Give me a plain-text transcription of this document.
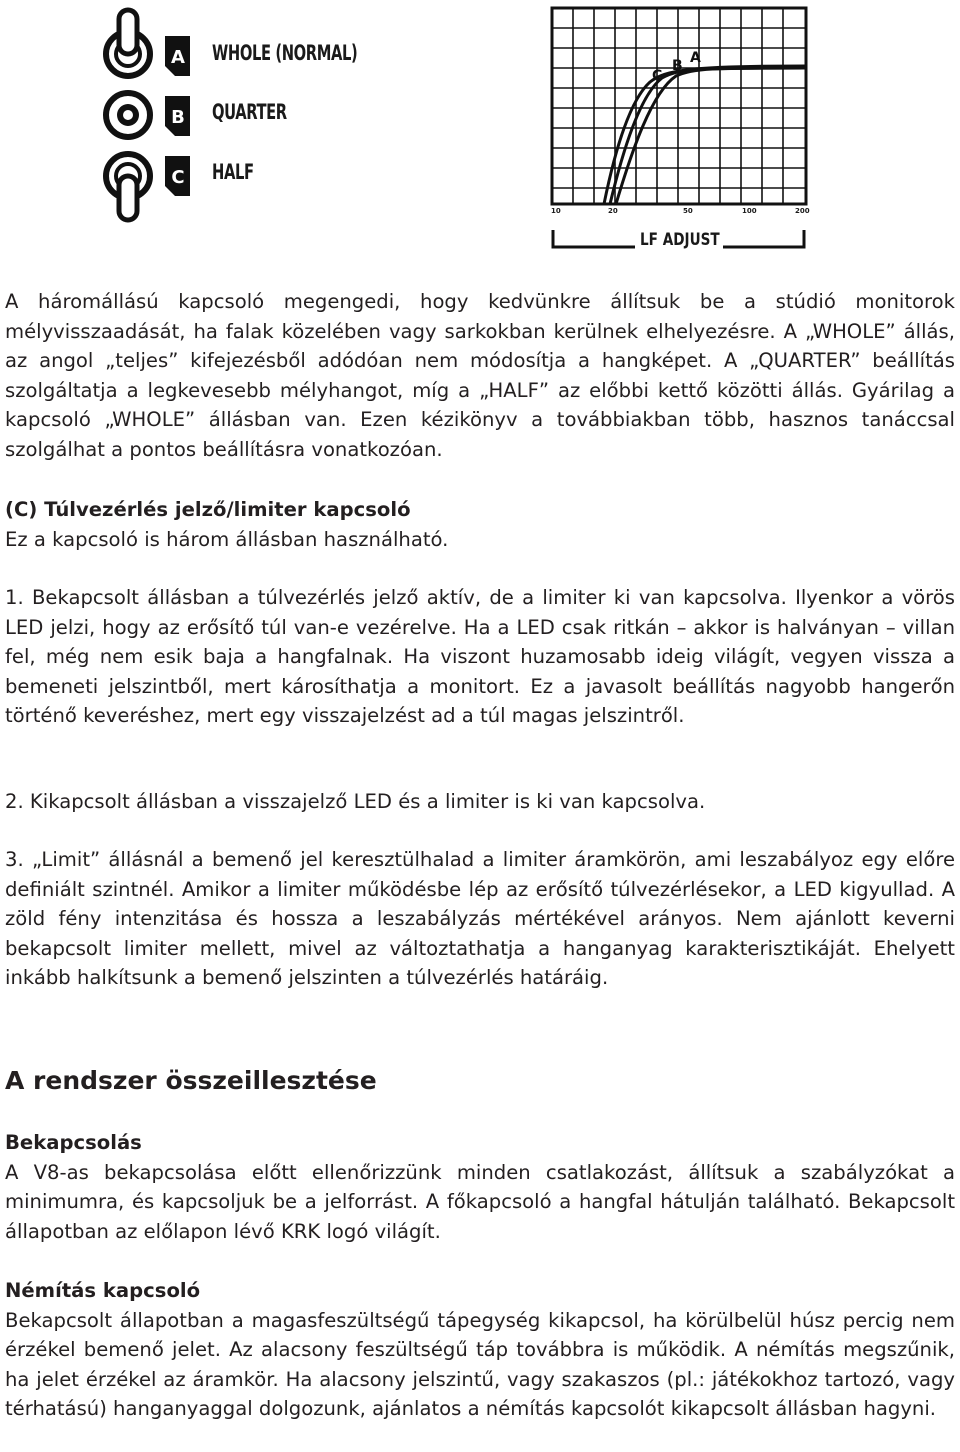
A
B
C
C
B A
WHOLE (NORMAL)
QUARTER
HALF
10	20	50	100	200
LF ADJUST

A háromállású kapcsoló megengedi, hogy kedvünkre állítsuk be a stúdió monitorok mélyvisszaadását, ha falak közelében vagy sarkokban kerülnek elhelyezésre. A „WHOLE” állás, az angol „teljes” kifejezésből adódóan nem módosítja a hangképet. A „QUARTER” beállítás szolgáltatja a legkevesebb mélyhangot, míg a „HALF” az előbbi kettő közötti állás. Gyárilag a kapcsoló „WHOLE” állásban van. Ezen kézikönyv a továbbiakban több, hasznos tanáccsal szolgálhat a pontos beállításra vonatkozóan.

(C) Túlvezérlés jelző/limiter kapcsoló

Ez a kapcsoló is három állásban használható.

1. Bekapcsolt állásban a túlvezérlés jelző aktív, de a limiter ki van kapcsolva. Ilyenkor a vörös LED jelzi, hogy az erősítő túl van-e vezérelve. Ha a LED csak ritkán – akkor is halványan – villan fel, még nem esik baja a hangfalnak. Ha viszont huzamosabb ideig világít, vegyen vissza a bemeneti jelszintből, mert károsíthatja a monitort. Ez a javasolt beállítás nagyobb hangerőn történő keveréshez, mert egy visszajelzést ad a túl magas jelszintről.

2. Kikapcsolt állásban a visszajelző LED és a limiter is ki van kapcsolva.

3. „Limit” állásnál a bemenő jel keresztülhalad a limiter áramkörön, ami leszabályoz egy előre definiált szintnél. Amikor a limiter működésbe lép az erősítő túlvezérlésekor, a LED kigyullad. A zöld fény intenzitása és hossza a leszabályzás mértékével arányos. Nem ajánlott keverni bekapcsolt limiter mellett, mivel az változtathatja a hanganyag karakterisztikáját. Ehelyett inkább halkítsunk a bemenő jelszinten a túlvezérlés határáig.

A rendszer összeillesztése

Bekapcsolás

A V8-as bekapcsolása előtt ellenőrizzünk minden csatlakozást, állítsuk a szabályzókat a minimumra, és kapcsoljuk be a jelforrást. A főkapcsoló a hangfal hátulján található. Bekapcsolt állapotban az előlapon lévő KRK logó világít.

Némítás kapcsoló

Bekapcsolt állapotban a magasfeszültségű tápegység kikapcsol, ha körülbelül húsz percig nem érzékel bemenő jelet. Az alacsony feszültségű táp továbbra is működik. A némítás megszűnik, ha jelet érzékel az áramkör. Ha alacsony jelszintű, vagy szakaszos (pl.: játékokhoz tartozó, vagy térhatású) hanganyaggal dolgozunk, ajánlatos a némítás kapcsolót kikapcsolt állásban hagyni.
